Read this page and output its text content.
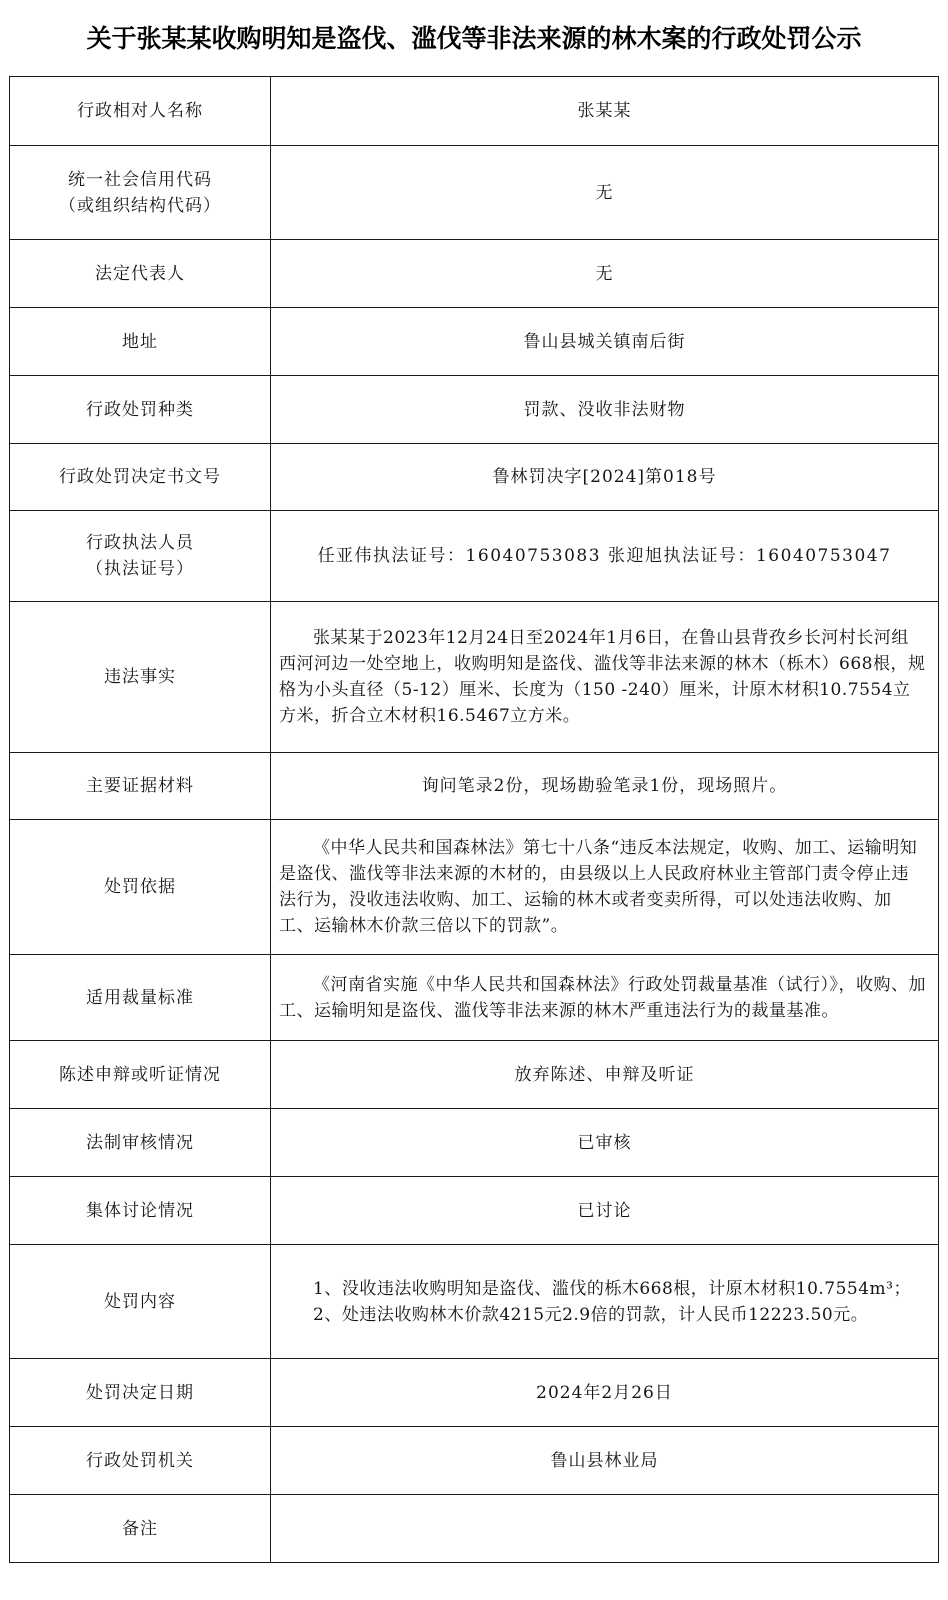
关于张某某收购明知是盗伐、滥伐等非法来源的林木案的行政处罚公示
行政相对人名称	张某某

统一社会信用代码
（或组织结构代码）	无
法定代表人	无
地址	鲁山县城关镇南后街
行政处罚种类	罚款、没收非法财物
行政处罚决定书文号	鲁林罚决字[2024]第018号

行政执法人员
（执法证号）	任亚伟执法证号：16040753083 张迎旭执法证号：16040753047
违法事实	张某某于2023年12月24日至2024年1月6日，在鲁山县背孜乡长河村长河组西河河边一处空地上，收购明知是盗伐、滥伐等非法来源的林木（栎木）668根，规格为小头直径（5-12）厘米、长度为（150 -240）厘米，计原木材积10.7554立方米，折合立木材积16.5467立方米。

主要证据材料	询问笔录2份，现场勘验笔录1份，现场照片。
处罚依据	《中华人民共和国森林法》第七十八条“违反本法规定，收购、加工、运输明知是盗伐、滥伐等非法来源的木材的，由县级以上人民政府林业主管部门责令停止违法行为，没收违法收购、加工、运输的林木或者变卖所得，可以处违法收购、加工、运输林木价款三倍以下的罚款”。

适用裁量标准	《河南省实施《中华人民共和国森林法》行政处罚裁量基准（试行）》，收购、加工、运输明知是盗伐、滥伐等非法来源的林木严重违法行为的裁量基准。

陈述申辩或听证情况	放弃陈述、申辩及听证
法制审核情况	已审核
集体讨论情况	已讨论
处罚内容	1、没收违法收购明知是盗伐、滥伐的栎木668根，计原木材积10.7554m³；

2、处违法收购林木价款4215元2.9倍的罚款，计人民币12223.50元。

处罚决定日期	2024年2月26日
行政处罚机关	鲁山县林业局
备注	
